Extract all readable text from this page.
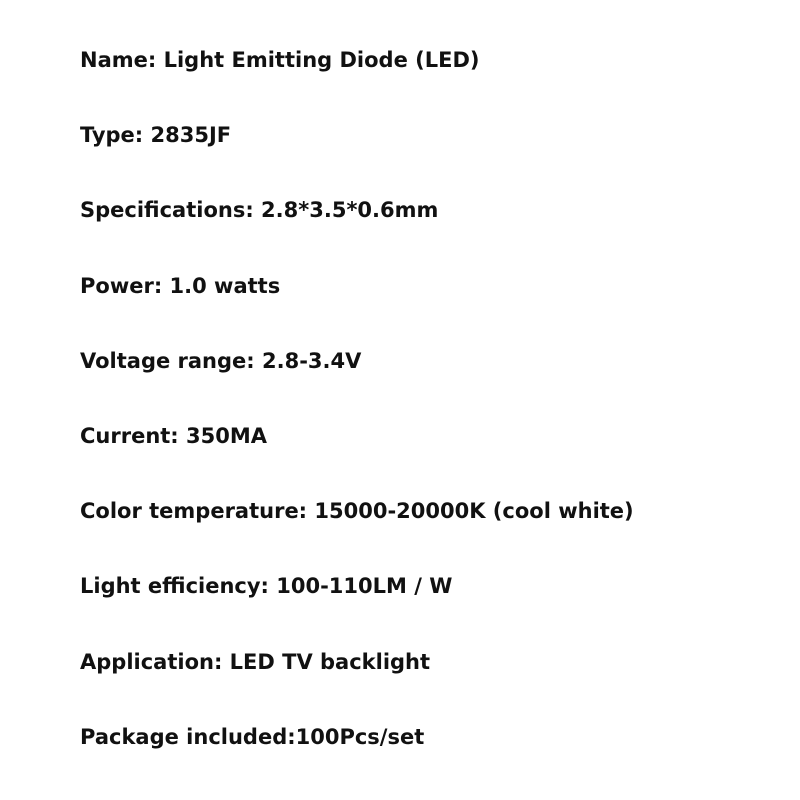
Name: Light Emitting Diode (LED)

Type: 2835JF

Specifications: 2.8*3.5*0.6mm

Power: 1.0 watts

Voltage range: 2.8-3.4V

Current: 350MA

Color temperature: 15000-20000K (cool white)

Light efficiency: 100-110LM / W

Application: LED TV backlight

Package included:100Pcs/set
